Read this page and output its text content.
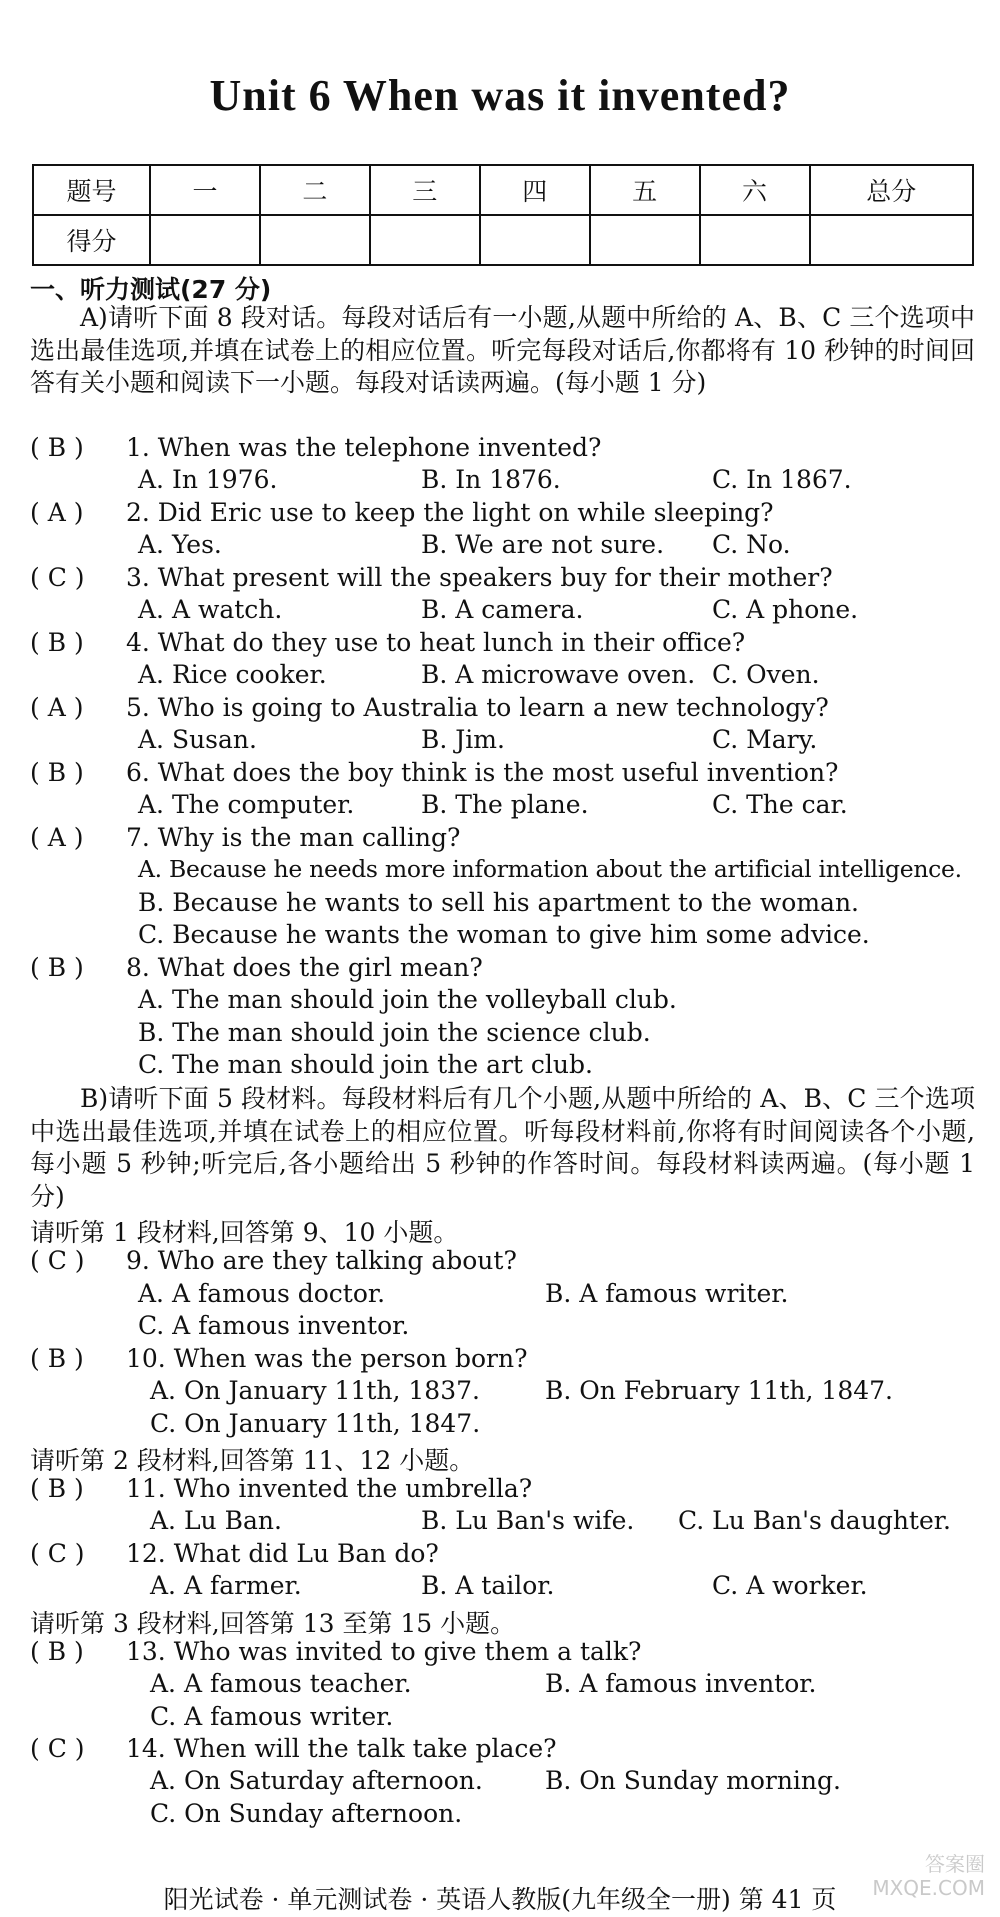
Unit 6 When was it invented?
题号	一	二	三	四	五	六	总分
得分							
一、听力测试(27 分)
A)请听下面 8 段对话。每段对话后有一小题,从题中所给的 A、B、C 三个选项中选出最佳选项,并填在试卷上的相应位置。听完每段对话后,你都将有 10 秒钟的时间回答有关小题和阅读下一小题。每段对话读两遍。(每小题 1 分)
( B ) 1. When was the telephone invented?
A. In 1976.	B. In 1876.	C. In 1867.
( A ) 2. Did Eric use to keep the light on while sleeping?
A. Yes.	B. We are not sure. C. No.
( C ) 3. What present will the speakers buy for their mother?
A. A watch.	B. A camera.	C. A phone.
( B ) 4. What do they use to heat lunch in their office?
A. Rice cooker.	B. A microwave oven. C. Oven.
( A ) 5. Who is going to Australia to learn a new technology?
A. Susan.	B. Jim.	C. Mary.
( B ) 6. What does the boy think is the most useful invention?
A. The computer.	B. The plane.	C. The car.
( A ) 7. Why is the man calling?
A. Because he needs more information about the artificial intelligence.
B. Because he wants to sell his apartment to the woman.
C. Because he wants the woman to give him some advice.
( B ) 8. What does the girl mean?
A. The man should join the volleyball club.
B. The man should join the science club.
C. The man should join the art club.
B)请听下面 5 段材料。每段材料后有几个小题,从题中所给的 A、B、C 三个选项中选出最佳选项,并填在试卷上的相应位置。听每段材料前,你将有时间阅读各个小题,每小题 5 秒钟;听完后,各小题给出 5 秒钟的作答时间。每段材料读两遍。(每小题 1 分)
请听第 1 段材料,回答第 9、10 小题。
( C ) 9. Who are they talking about?
A. A famous doctor.	B. A famous writer.
C. A famous inventor.
( B ) 10. When was the person born?
A. On January 11th, 1837.	B. On February 11th, 1847.
C. On January 11th, 1847.
请听第 2 段材料,回答第 11、12 小题。
( B ) 11. Who invented the umbrella?
A. Lu Ban.	B. Lu Ban's wife. C. Lu Ban's daughter.
( C ) 12. What did Lu Ban do?
A. A farmer.	B. A tailor.	C. A worker.
请听第 3 段材料,回答第 13 至第 15 小题。
( B ) 13. Who was invited to give them a talk?
A. A famous teacher.	B. A famous inventor.
C. A famous writer.
( C ) 14. When will the talk take place?
A. On Saturday afternoon. B. On Sunday morning.
C. On Sunday afternoon.
阳光试卷 · 单元测试卷 · 英语人教版(九年级全一册) 第 41 页
答案圈 MXQE.COM
